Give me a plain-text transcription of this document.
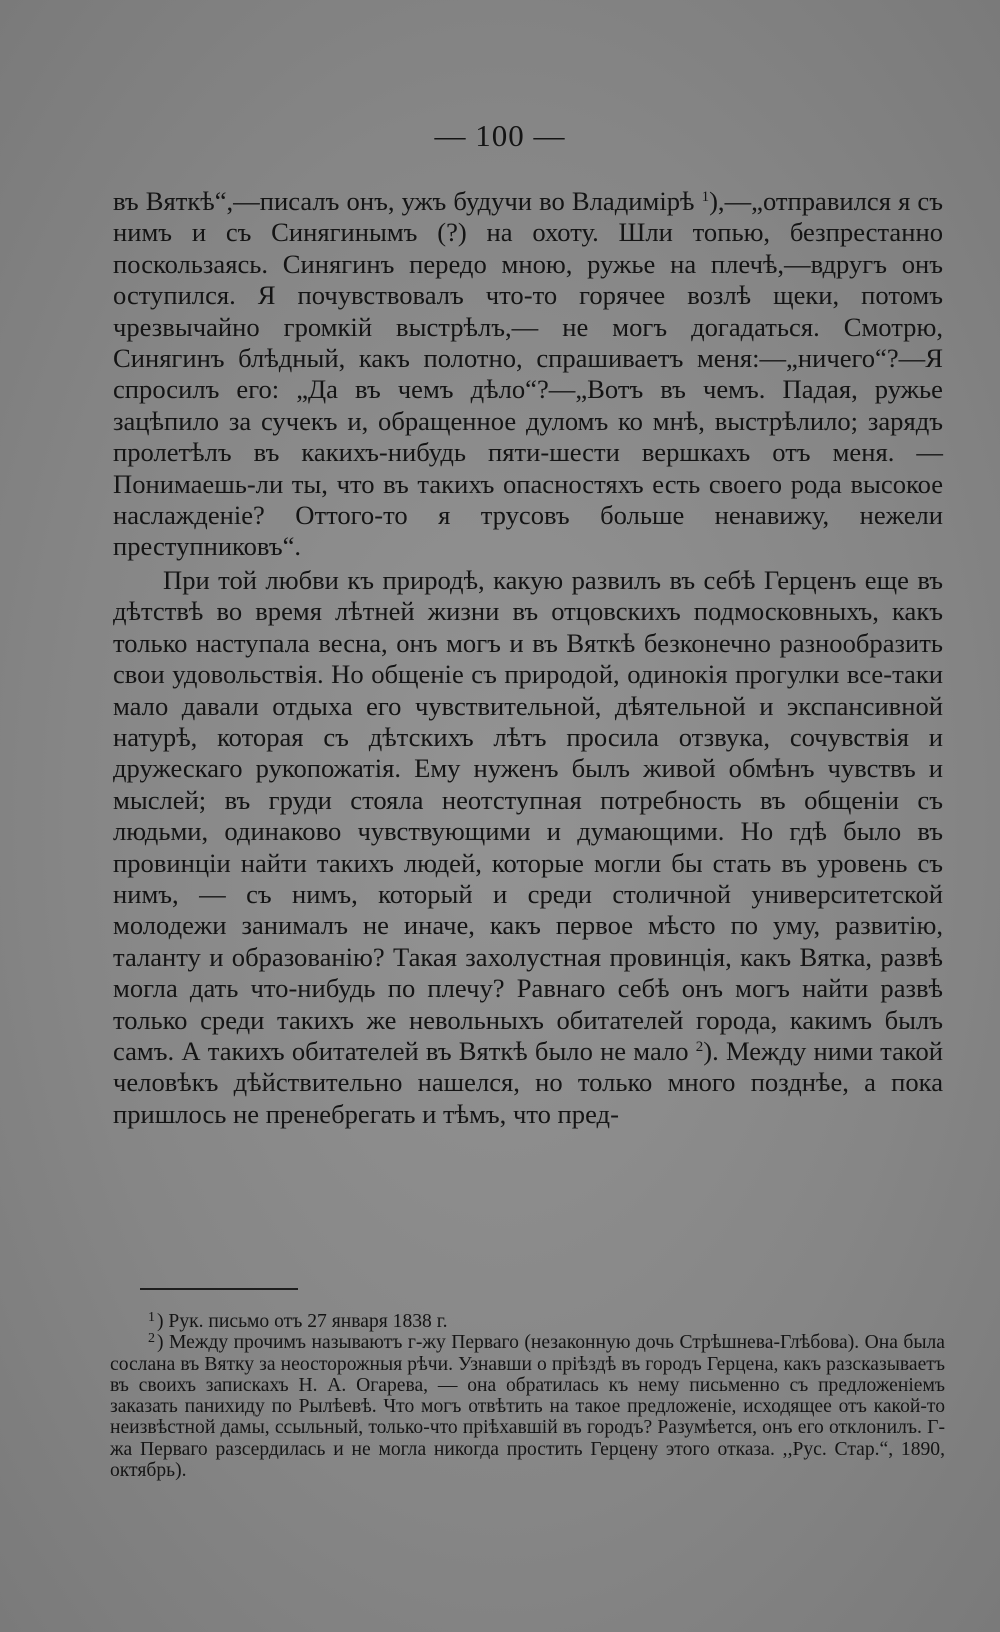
— 100 —

въ Вяткѣ“,—писалъ онъ, ужъ будучи во Владимірѣ $^1$),—„отправился я съ нимъ и съ Синягинымъ (?) на охоту. Шли топью, безпрестанно поскользаясь. Синягинъ передо мною, ружье на плечѣ,—вдругъ онъ оступился. Я почувствовалъ что-то горячее возлѣ щеки, потомъ чрезвычайно громкій выстрѣлъ,— не могъ догадаться. Смотрю, Синягинъ блѣдный, какъ полотно, спрашиваетъ меня:—„ничего“?—Я спросилъ его: „Да въ чемъ дѣло“?—„Вотъ въ чемъ. Падая, ружье зацѣпило за сучекъ и, обращенное дуломъ ко мнѣ, выстрѣлило; зарядъ пролетѣлъ въ какихъ-нибудь пяти-шести вершкахъ отъ меня. — Понимаешь-ли ты, что въ такихъ опасностяхъ есть своего рода высокое наслажденіе? Оттого-то я трусовъ больше ненавижу, нежели преступниковъ“.

При той любви къ природѣ, какую развилъ въ себѣ Герценъ еще въ дѣтствѣ во время лѣтней жизни въ отцовскихъ подмосковныхъ, какъ только наступала весна, онъ могъ и въ Вяткѣ безконечно разнообразить свои удовольствія. Но общеніе съ природой, одинокія прогулки все-таки мало давали отдыха его чувствительной, дѣятельной и экспансивной натурѣ, которая съ дѣтскихъ лѣтъ просила отзвука, сочувствія и дружескаго рукопожатія. Ему нуженъ былъ живой обмѣнъ чувствъ и мыслей; въ груди стояла неотступная потребность въ общеніи съ людьми, одинаково чувствующими и думающими. Но гдѣ было въ провинціи найти такихъ людей, которые могли бы стать въ уровень съ нимъ, — съ нимъ, который и среди столичной университетской молодежи занималъ не иначе, какъ первое мѣсто по уму, развитію, таланту и образованію? Такая захолустная провинція, какъ Вятка, развѣ могла дать что-нибудь по плечу? Равнаго себѣ онъ могъ найти развѣ только среди такихъ же невольныхъ обитателей города, какимъ былъ самъ. А такихъ обитателей въ Вяткѣ было не мало $^2$). Между ними такой человѣкъ дѣйствительно нашелся, но только много позднѣе, а пока пришлось не пренебрегать и тѣмъ, что пред-

$^1$ ) Рук. письмо отъ 27 января 1838 г.

$^2$ ) Между прочимъ называютъ г-жу Перваго (незаконную дочь Стрѣшнева-Глѣбова). Она была сослана въ Вятку за неосторожныя рѣчи. Узнавши о пріѣздѣ въ городъ Герцена, какъ разсказываетъ въ своихъ запискахъ Н. А. Огарева, — она обратилась къ нему письменно съ предложеніемъ заказать панихиду по Рылѣевѣ. Что могъ отвѣтить на такое предложеніе, исходящее отъ какой-то неизвѣстной дамы, ссыльный, только-что пріѣхавшій въ городъ? Разумѣется, онъ его отклонилъ. Г-жа Перваго разсердилась и не могла никогда простить Герцену этого отказа. ,,Рус. Стар.“, 1890, октябрь).
